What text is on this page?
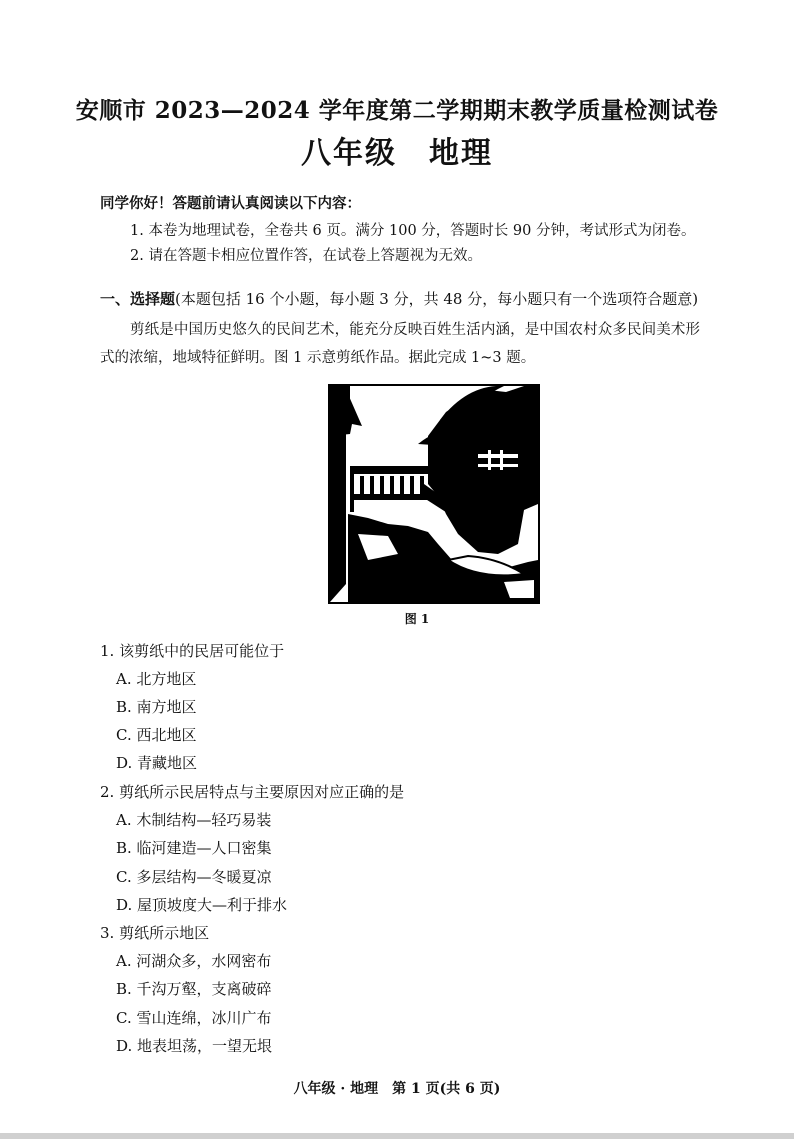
安顺市 2023—2024 学年度第二学期期末教学质量检测试卷
八年级　地理
同学你好！答题前请认真阅读以下内容：
1. 本卷为地理试卷，全卷共 6 页。满分 100 分，答题时长 90 分钟，考试形式为闭卷。
2. 请在答题卡相应位置作答，在试卷上答题视为无效。
一、选择题(本题包括 16 个小题，每小题 3 分，共 48 分，每小题只有一个选项符合题意)
剪纸是中国历史悠久的民间艺术，能充分反映百姓生活内涵，是中国农村众多民间美术形式的浓缩，地域特征鲜明。图 1 示意剪纸作品。据此完成 1~3 题。
图 1
1. 该剪纸中的民居可能位于
A. 北方地区
B. 南方地区
C. 西北地区
D. 青藏地区
2. 剪纸所示民居特点与主要原因对应正确的是
A. 木制结构—轻巧易装
B. 临河建造—人口密集
C. 多层结构—冬暖夏凉
D. 屋顶坡度大—利于排水
3. 剪纸所示地区
A. 河湖众多，水网密布
B. 千沟万壑，支离破碎
C. 雪山连绵，冰川广布
D. 地表坦荡，一望无垠
八年级 · 地理　第 1 页(共 6 页)
